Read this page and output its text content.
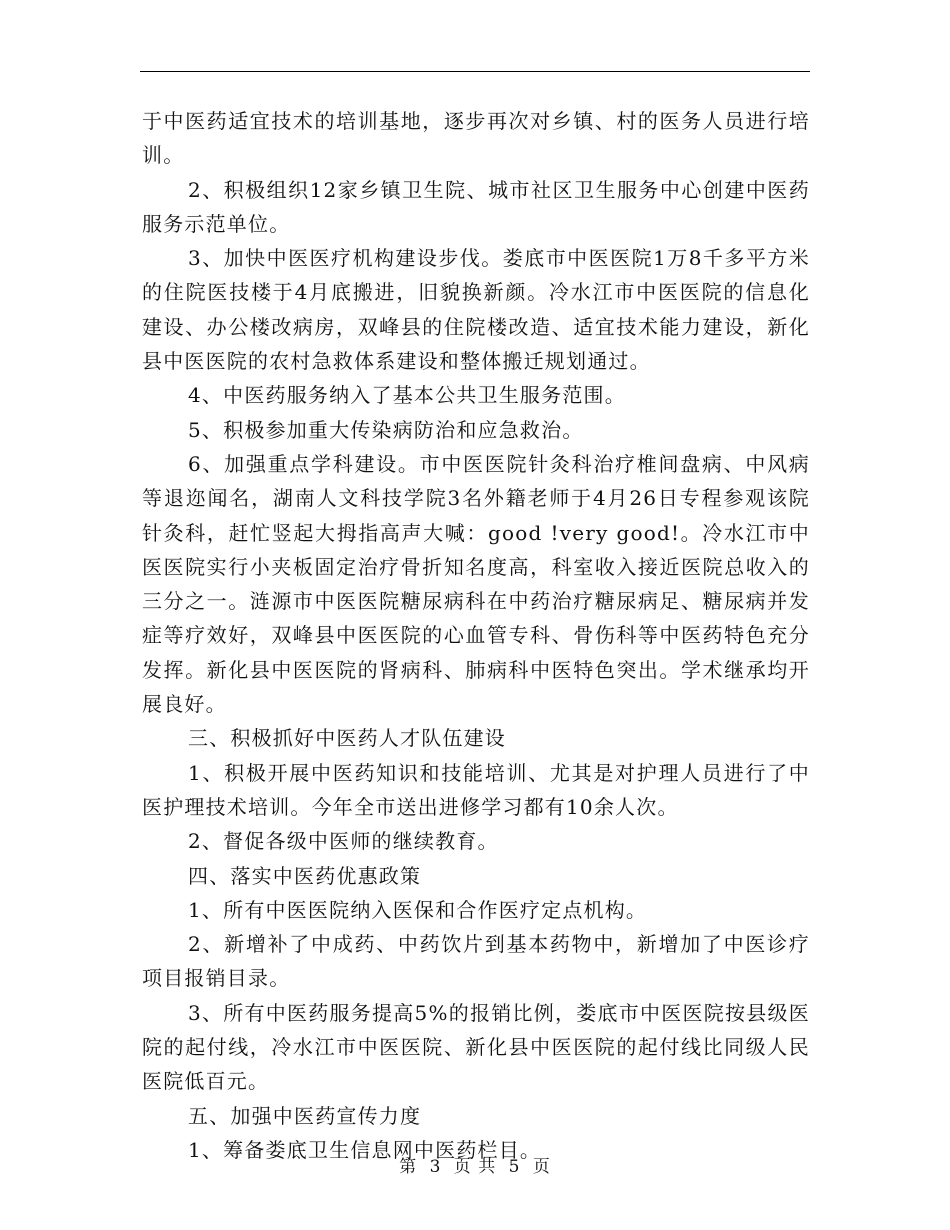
于中医药适宜技术的培训基地，逐步再次对乡镇、村的医务人员进行培训。

2、积极组织12家乡镇卫生院、城市社区卫生服务中心创建中医药服务示范单位。

3、加快中医医疗机构建设步伐。娄底市中医医院1万8千多平方米的住院医技楼于4月底搬进，旧貌换新颜。冷水江市中医医院的信息化建设、办公楼改病房，双峰县的住院楼改造、适宜技术能力建设，新化县中医医院的农村急救体系建设和整体搬迁规划通过。

4、中医药服务纳入了基本公共卫生服务范围。

5、积极参加重大传染病防治和应急救治。

6、加强重点学科建设。市中医医院针灸科治疗椎间盘病、中风病等退迩闻名，湖南人文科技学院3名外籍老师于4月26日专程参观该院针灸科，赶忙竖起大拇指高声大喊：good !very good!。冷水江市中医医院实行小夹板固定治疗骨折知名度高，科室收入接近医院总收入的三分之一。涟源市中医医院糖尿病科在中药治疗糖尿病足、糖尿病并发症等疗效好，双峰县中医医院的心血管专科、骨伤科等中医药特色充分发挥。新化县中医医院的肾病科、肺病科中医特色突出。学术继承均开展良好。

三、积极抓好中医药人才队伍建设

1、积极开展中医药知识和技能培训、尤其是对护理人员进行了中医护理技术培训。今年全市送出进修学习都有10余人次。

2、督促各级中医师的继续教育。

四、落实中医药优惠政策

1、所有中医医院纳入医保和合作医疗定点机构。

2、新增补了中成药、中药饮片到基本药物中，新增加了中医诊疗项目报销目录。

3、所有中医药服务提高5%的报销比例，娄底市中医医院按县级医院的起付线，冷水江市中医医院、新化县中医医院的起付线比同级人民医院低百元。

五、加强中医药宣传力度

1、筹备娄底卫生信息网中医药栏目。

第 3 页 共 5 页
